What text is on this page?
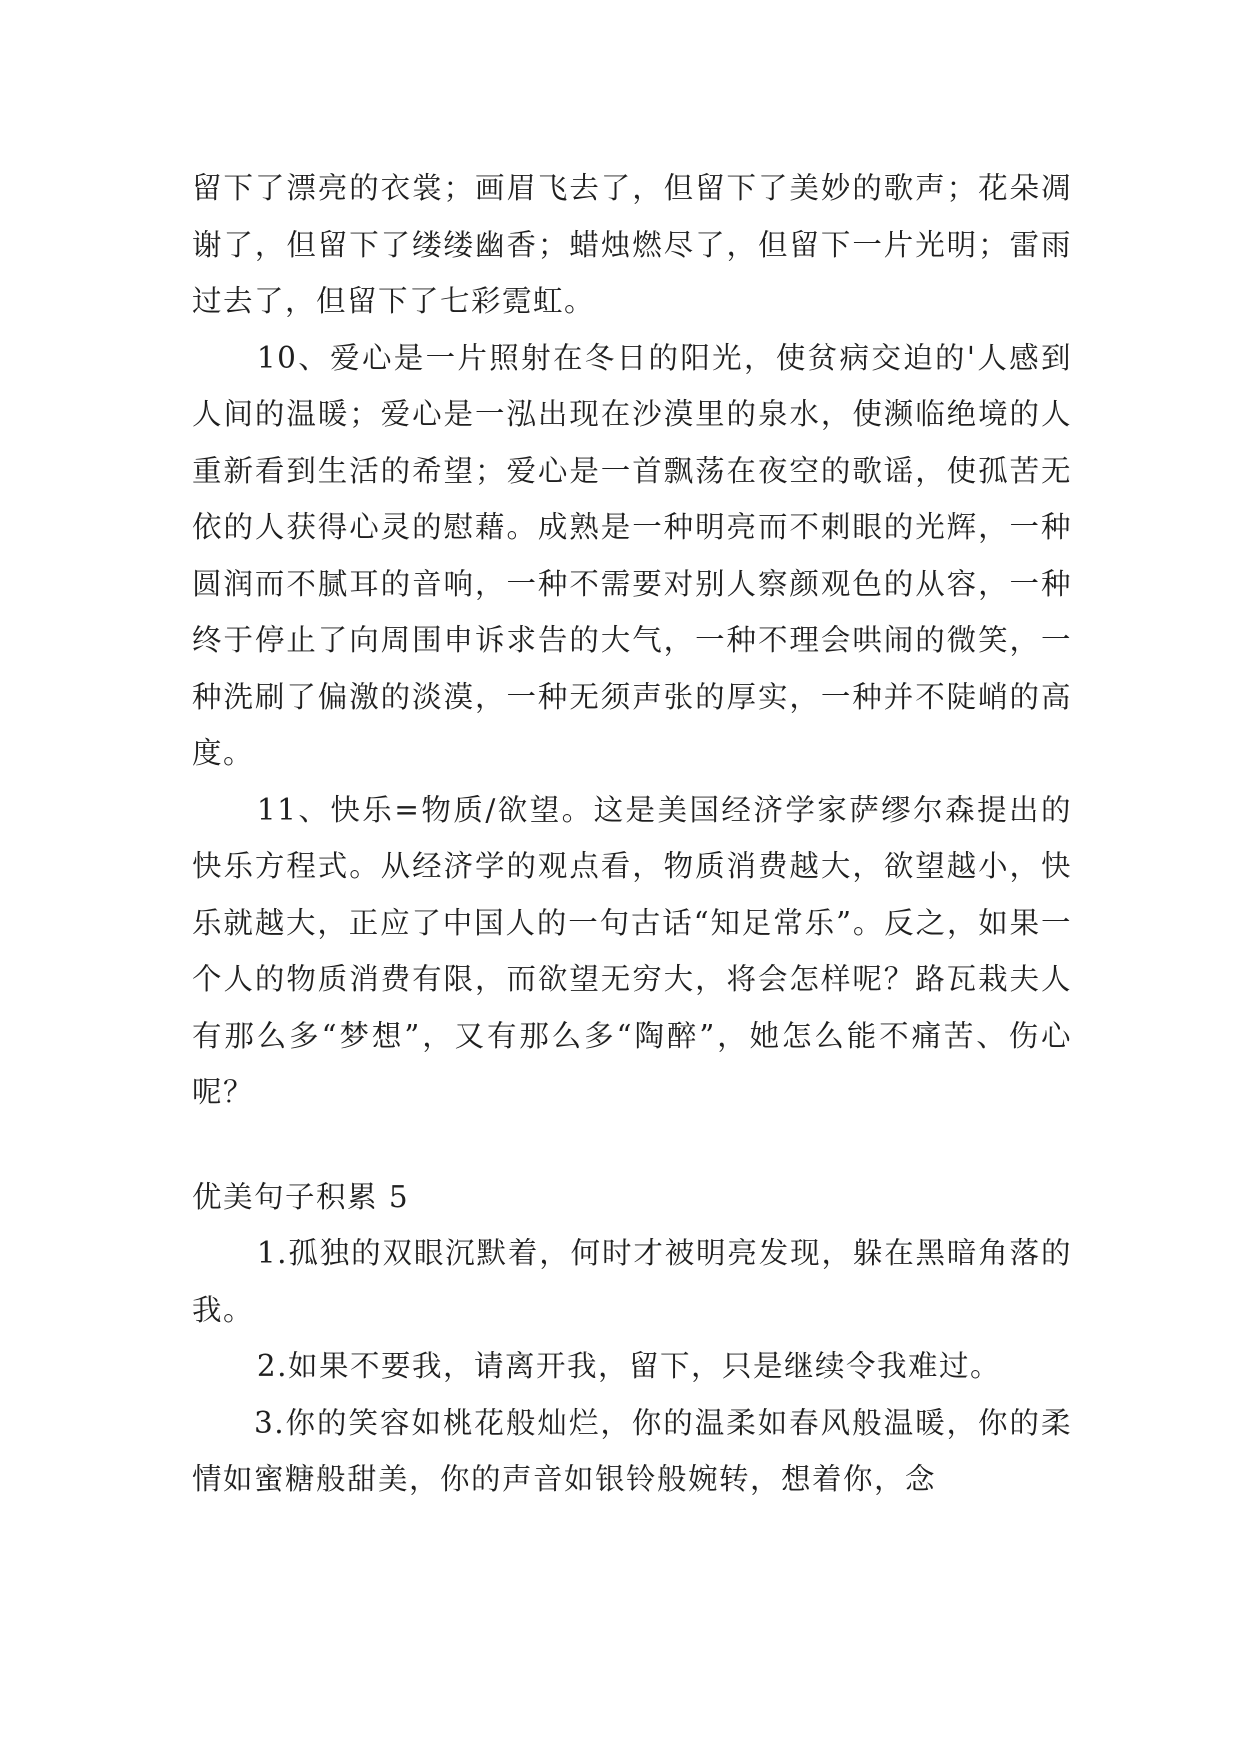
留下了漂亮的衣裳；画眉飞去了，但留下了美妙的歌声；花朵凋谢了，但留下了缕缕幽香；蜡烛燃尽了，但留下一片光明；雷雨过去了，但留下了七彩霓虹。

10、爱心是一片照射在冬日的阳光，使贫病交迫的'人感到人间的温暖；爱心是一泓出现在沙漠里的泉水，使濒临绝境的人重新看到生活的希望；爱心是一首飘荡在夜空的歌谣，使孤苦无依的人获得心灵的慰藉。成熟是一种明亮而不刺眼的光辉，一种圆润而不腻耳的音响，一种不需要对别人察颜观色的从容，一种终于停止了向周围申诉求告的大气，一种不理会哄闹的微笑，一种洗刷了偏激的淡漠，一种无须声张的厚实，一种并不陡峭的高度。

11、快乐=物质/欲望。这是美国经济学家萨缪尔森提出的快乐方程式。从经济学的观点看，物质消费越大，欲望越小，快乐就越大，正应了中国人的一句古话“知足常乐”。反之，如果一个人的物质消费有限，而欲望无穷大，将会怎样呢？路瓦栽夫人有那么多“梦想”，又有那么多“陶醉”，她怎么能不痛苦、伤心呢？

优美句子积累 5

1.孤独的双眼沉默着，何时才被明亮发现，躲在黑暗角落的我。

2.如果不要我，请离开我，留下，只是继续令我难过。

3.你的笑容如桃花般灿烂，你的温柔如春风般温暖，你的柔情如蜜糖般甜美，你的声音如银铃般婉转，想着你，念
